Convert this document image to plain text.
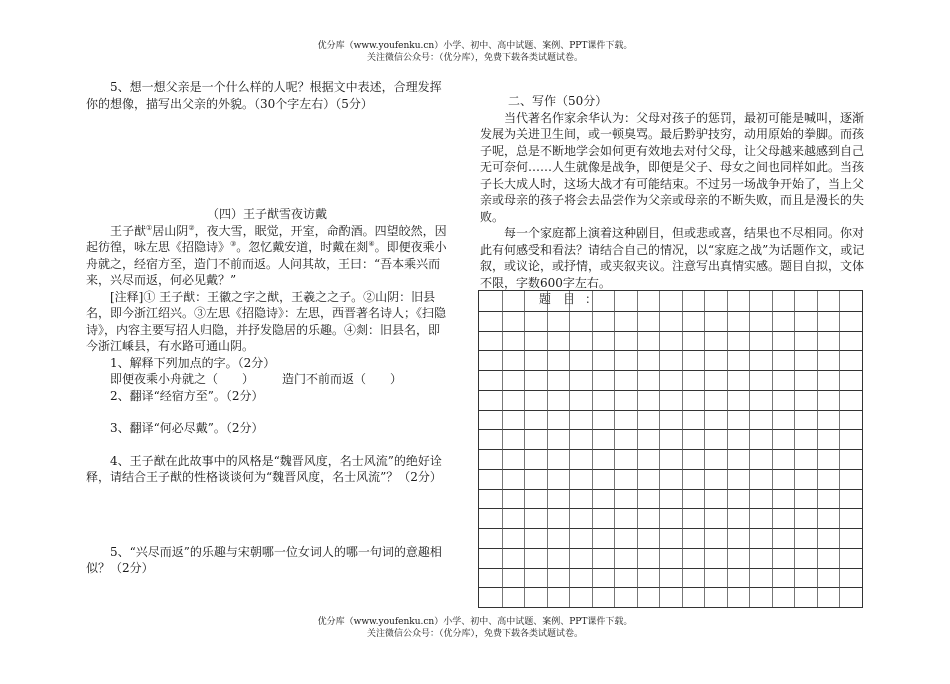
优分库（www.youfenku.cn）小学、初中、高中试题、案例、PPT课件下载。
关注微信公众号：（优分库），免费下载各类试题试卷。

5、想一想父亲是一个什么样的人呢？根据文中表述，合理发挥你的想像，描写出父亲的外貌。（30个字左右）（5分）

（四）王子猷雪夜访戴

王子猷①居山阴②，夜大雪，眠觉，开室，命酌酒。四望皎然，因起彷徨，咏左思《招隐诗》③。忽忆戴安道，时戴在剡④。即便夜乘小舟就之，经宿方至，造门不前而返。人问其故，王曰：“吾本乘兴而来，兴尽而返，何必见戴？”

[注释]① 王子猷：王徽之字之猷，王羲之之子。②山阴：旧县名，即今浙江绍兴。③左思《招隐诗》：左思，西晋著名诗人；《扫隐诗》，内容主要写招人归隐，并抒发隐居的乐趣。④剡：旧县名，即今浙江嵊县，有水路可通山阴。

1、解释下列加点的字。（2分）

即便夜乘小舟就之（　　） 造门不前而返（　　）

2、翻译“经宿方至”。（2分）

3、翻译“何必尽戴”。（2分）

4、王子猷在此故事中的风格是“魏晋风度，名士风流”的绝好诠释，请结合王子猷的性格谈谈何为“魏晋风度，名士风流”？（2分）

5、“兴尽而返”的乐趣与宋朝哪一位女词人的哪一句词的意趣相似？（2分）

二、写作（50分）

当代著名作家余华认为：父母对孩子的惩罚，最初可能是喊叫，逐渐发展为关进卫生间，或一顿臭骂。最后黔驴技穷，动用原始的拳脚。而孩子呢，总是不断地学会如何更有效地去对付父母，让父母越来越感到自己无可奈何……人生就像是战争，即便是父子、母女之间也同样如此。当孩子长大成人时，这场大战才有可能结束。不过另一场战争开始了，当上父亲或母亲的孩子将会去品尝作为父亲或母亲的不断失败，而且是漫长的失败。

每一个家庭都上演着这种剧目，但或悲或喜，结果也不尽相同。你对此有何感受和看法？请结合自己的情况，以“家庭之战”为话题作文，或记叙，或议论，或抒情，或夹叙夹议。注意写出真情实感。题目自拟，文体不限，字数600字左右。

题 目 ：
优分库（www.youfenku.cn）小学、初中、高中试题、案例、PPT课件下载。
关注微信公众号：（优分库），免费下载各类试题试卷。
